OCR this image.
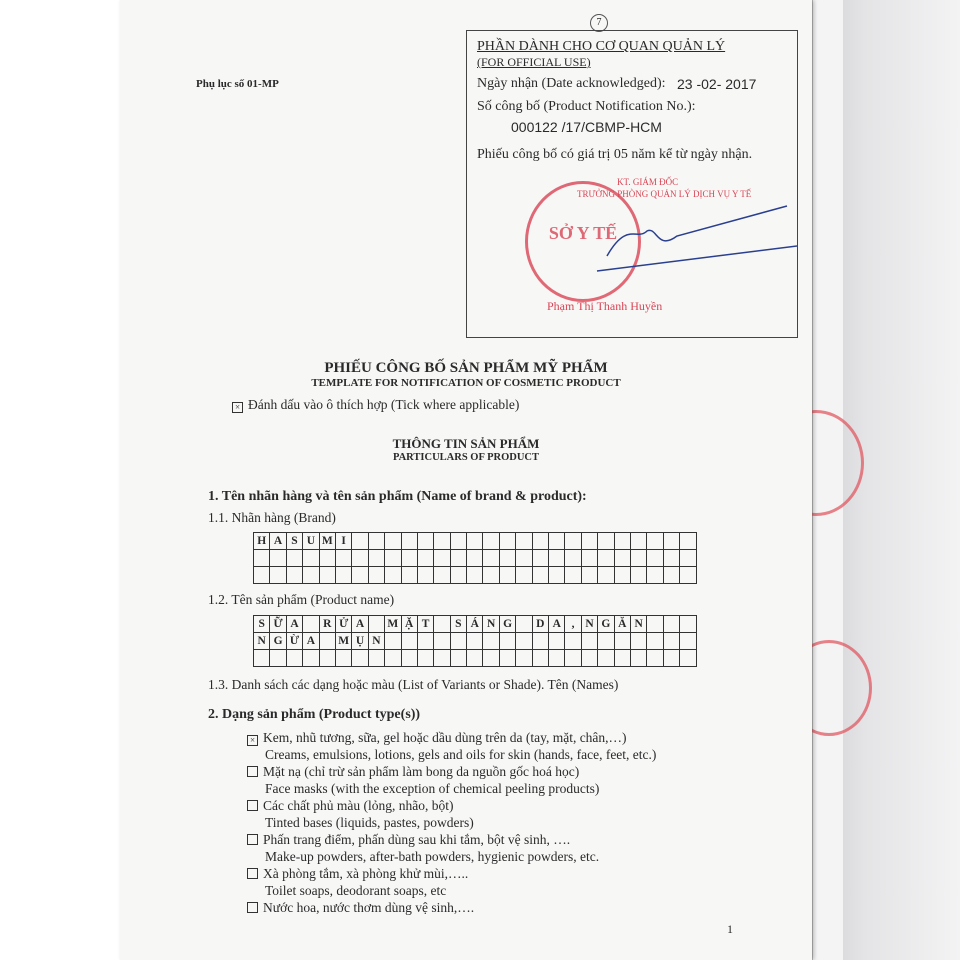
Phụ lục số 01-MP
7
PHẦN DÀNH CHO CƠ QUAN QUẢN LÝ
(FOR OFFICIAL USE)
Ngày nhận (Date acknowledged): 23 -02- 2017
Số công bố (Product Notification No.):
000122 /17/CBMP-HCM
Phiếu công bố có giá trị 05 năm kể từ ngày nhận.
KT. GIÁM ĐỐC
TRƯỞNG PHÒNG QUẢN LÝ DỊCH VỤ Y TẾ
SỞ Y TẾ
Phạm Thị Thanh Huyền
PHIẾU CÔNG BỐ SẢN PHẨM MỸ PHẨM
TEMPLATE FOR NOTIFICATION OF COSMETIC PRODUCT
× Đánh dấu vào ô thích hợp (Tick where applicable)
THÔNG TIN SẢN PHẨM
PARTICULARS OF PRODUCT
1. Tên nhãn hàng và tên sản phẩm (Name of brand & product):
1.1. Nhãn hàng (Brand)
H	A	S	U	M	I																					

1.2. Tên sản phẩm (Product name)
S	Ữ	A		R	Ử	A		M	Ặ	T		S	Á	N	G		D	A	,	N	G	Ă	N			
N	G	Ừ	A		M	Ụ	N																			

1.3. Danh sách các dạng hoặc màu (List of Variants or Shade). Tên (Names)
2. Dạng sản phẩm (Product type(s))
× Kem, nhũ tương, sữa, gel hoặc dầu dùng trên da (tay, mặt, chân,…)
Creams, emulsions, lotions, gels and oils for skin (hands, face, feet, etc.)
Mặt nạ (chỉ trừ sản phẩm làm bong da nguồn gốc hoá học)
Face masks (with the exception of chemical peeling products)
Các chất phủ màu (lỏng, nhão, bột)
Tinted bases (liquids, pastes, powders)
Phấn trang điểm, phấn dùng sau khi tắm, bột vệ sinh, ….
Make-up powders, after-bath powders, hygienic powders, etc.
Xà phòng tắm, xà phòng khử mùi,…..
Toilet soaps, deodorant soaps, etc
Nước hoa, nước thơm dùng vệ sinh,….
1
